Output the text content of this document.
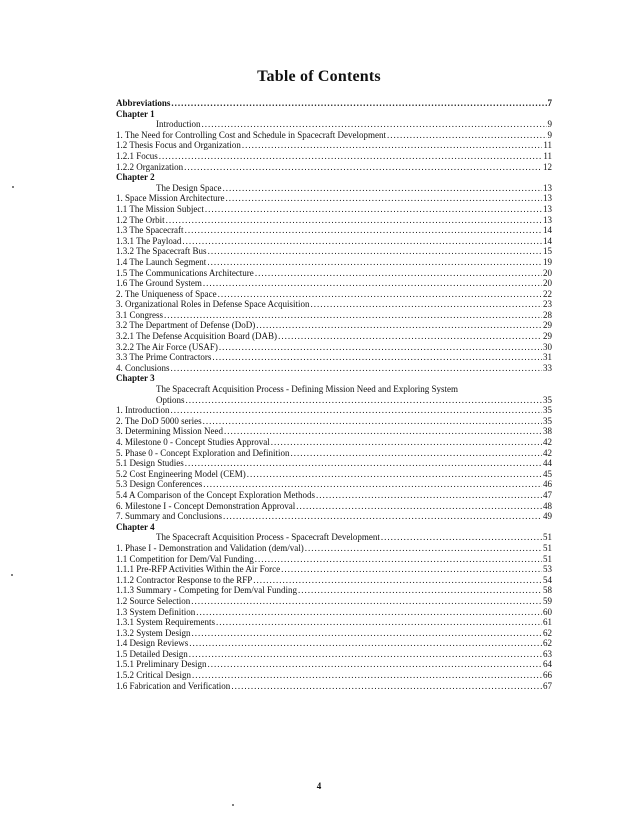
Table of Contents
Abbreviations .....	7
Chapter 1
Introduction .....	9
1. The Need for Controlling Cost and Schedule in Spacecraft Development .....	9
1.2 Thesis Focus and Organization .....	11
1.2.1 Focus .....	11
1.2.2 Organization .....	12
Chapter 2
The Design Space .....	13
1. Space Mission Architecture .....	13
1.1 The Mission Subject .....	13
1.2 The Orbit .....	13
1.3 The Spacecraft .....	14
1.3.1 The Payload .....	14
1.3.2 The Spacecraft Bus .....	15
1.4 The Launch Segment .....	19
1.5 The Communications Architecture .....	20
1.6 The Ground System .....	20
2. The Uniqueness of Space .....	22
3. Organizational Roles in Defense Space Acquisition .....	23
3.1 Congress .....	28
3.2 The Department of Defense (DoD) .....	29
3.2.1 The Defense Acquisition Board (DAB) .....	29
3.2.2 The Air Force (USAF) .....	30
3.3 The Prime Contractors .....	31
4. Conclusions .....	33
Chapter 3
The Spacecraft Acquisition Process - Defining Mission Need and Exploring System
Options .....	35
1. Introduction .....	35
2. The DoD 5000 series .....	35
3. Determining Mission Need .....	38
4. Milestone 0 - Concept Studies Approval .....	42
5. Phase 0 - Concept Exploration and Definition .....	42
5.1 Design Studies .....	44
5.2 Cost Engineering Model (CEM) .....	45
5.3 Design Conferences .....	46
5.4 A Comparison of the Concept Exploration Methods .....	47
6. Milestone I - Concept Demonstration Approval .....	48
7. Summary and Conclusions .....	49
Chapter 4
The Spacecraft Acquisition Process - Spacecraft Development .....	51
1. Phase I - Demonstration and Validation (dem/val) .....	51
1.1 Competition for Dem/Val Funding .....	51
1.1.1 Pre-RFP Activities Within the Air Force .....	53
1.1.2 Contractor Response to the RFP .....	54
1.1.3 Summary - Competing for Dem/val Funding .....	58
1.2 Source Selection .....	59
1.3 System Definition .....	60
1.3.1 System Requirements .....	61
1.3.2 System Design .....	62
1.4 Design Reviews .....	62
1.5 Detailed Design .....	63
1.5.1 Preliminary Design .....	64
1.5.2 Critical Design .....	66
1.6 Fabrication and Verification .....	67
4
